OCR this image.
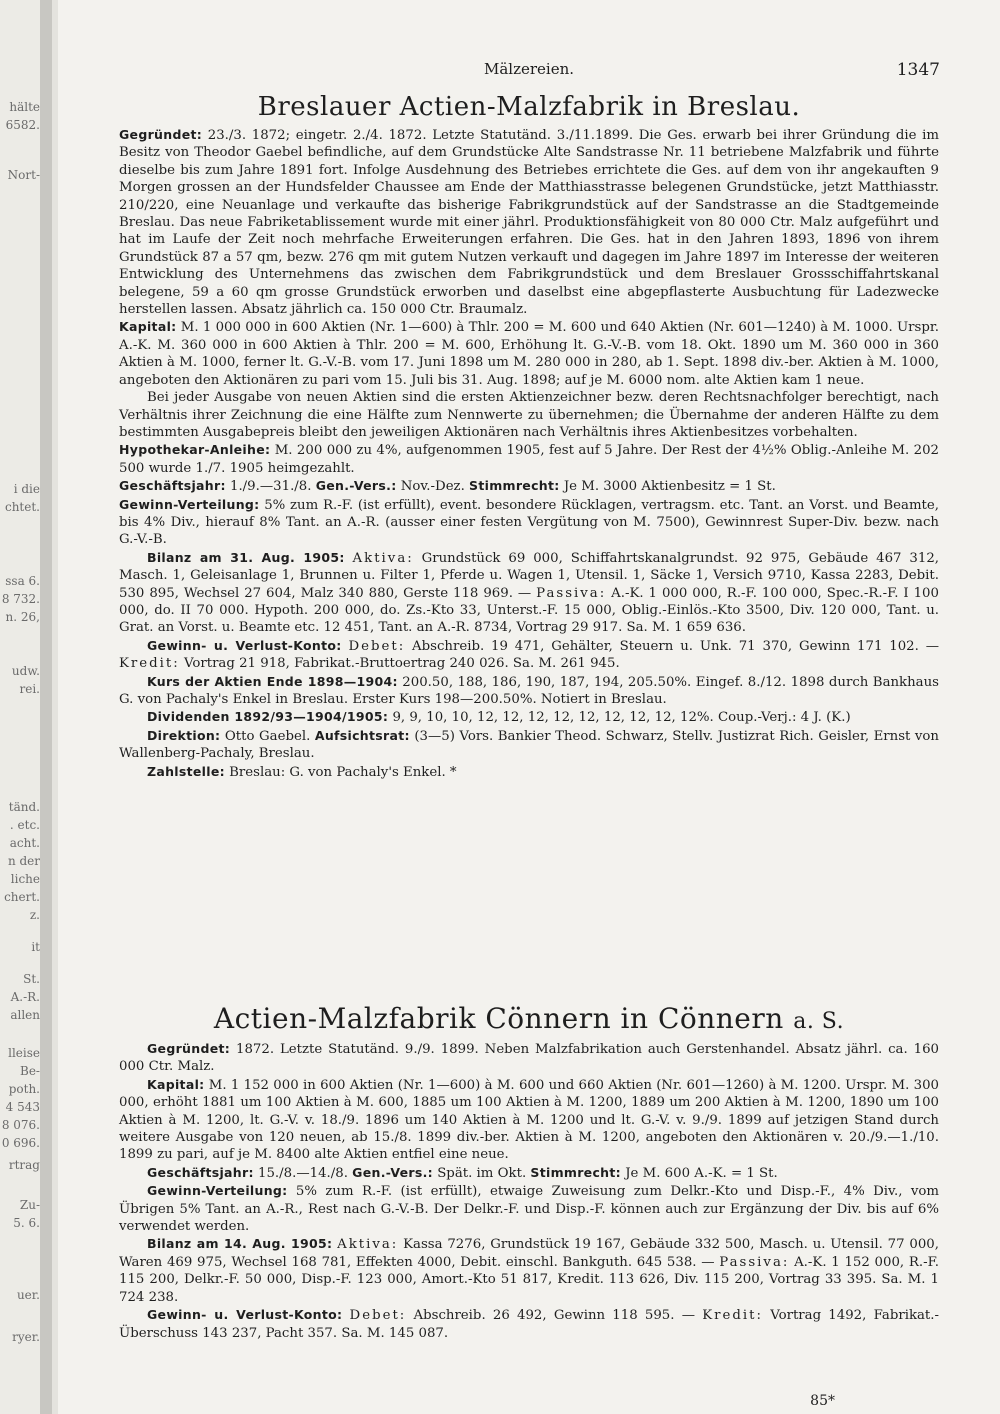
hälte
6582.
Nort-
i die
chtet.
ssa 6.
8 732.
n. 26,
udw.
rei.
tänd.
. etc.
acht.
n der
liche
chert.
z.
it
St.
A.-R.
allen
lleise
Be-
poth.
4 543
8 076.
0 696.
rtrag
Zu-
5. 6.
uer.
ryer.
Mälzereien.	1347
Breslauer Actien-Malzfabrik in Breslau.

Gegründet: 23./3. 1872; eingetr. 2./4. 1872. Letzte Statutänd. 3./11.1899. Die Ges. erwarb bei ihrer Gründung die im Besitz von Theodor Gaebel befindliche, auf dem Grundstücke Alte Sandstrasse Nr. 11 betriebene Malzfabrik und führte dieselbe bis zum Jahre 1891 fort. Infolge Ausdehnung des Betriebes errichtete die Ges. auf dem von ihr angekauften 9 Morgen grossen an der Hundsfelder Chaussee am Ende der Matthiasstrasse belegenen Grundstücke, jetzt Matthiasstr. 210/220, eine Neuanlage und verkaufte das bisherige Fabrikgrundstück auf der Sandstrasse an die Stadtgemeinde Breslau. Das neue Fabriketablissement wurde mit einer jährl. Produktionsfähigkeit von 80 000 Ctr. Malz aufgeführt und hat im Laufe der Zeit noch mehrfache Erweiterungen erfahren. Die Ges. hat in den Jahren 1893, 1896 von ihrem Grundstück 87 a 57 qm, bezw. 276 qm mit gutem Nutzen verkauft und dagegen im Jahre 1897 im Interesse der weiteren Entwicklung des Unternehmens das zwischen dem Fabrikgrundstück und dem Breslauer Grossschiffahrtskanal belegene, 59 a 60 qm grosse Grundstück erworben und daselbst eine abgepflasterte Ausbuchtung für Ladezwecke herstellen lassen. Absatz jährlich ca. 150 000 Ctr. Braumalz.

Kapital: M. 1 000 000 in 600 Aktien (Nr. 1—600) à Thlr. 200 = M. 600 und 640 Aktien (Nr. 601—1240) à M. 1000. Urspr. A.-K. M. 360 000 in 600 Aktien à Thlr. 200 = M. 600, Erhöhung lt. G.-V.-B. vom 18. Okt. 1890 um M. 360 000 in 360 Aktien à M. 1000, ferner lt. G.-V.-B. vom 17. Juni 1898 um M. 280 000 in 280, ab 1. Sept. 1898 div.-ber. Aktien à M. 1000, angeboten den Aktionären zu pari vom 15. Juli bis 31. Aug. 1898; auf je M. 6000 nom. alte Aktien kam 1 neue.

Bei jeder Ausgabe von neuen Aktien sind die ersten Aktienzeichner bezw. deren Rechtsnachfolger berechtigt, nach Verhältnis ihrer Zeichnung die eine Hälfte zum Nennwerte zu übernehmen; die Übernahme der anderen Hälfte zu dem bestimmten Ausgabepreis bleibt den jeweiligen Aktionären nach Verhältnis ihres Aktienbesitzes vorbehalten.

Hypothekar-Anleihe: M. 200 000 zu 4%, aufgenommen 1905, fest auf 5 Jahre. Der Rest der 4½% Oblig.-Anleihe M. 202 500 wurde 1./7. 1905 heimgezahlt.

Geschäftsjahr: 1./9.—31./8. Gen.-Vers.: Nov.-Dez. Stimmrecht: Je M. 3000 Aktienbesitz = 1 St.

Gewinn-Verteilung: 5% zum R.-F. (ist erfüllt), event. besondere Rücklagen, vertragsm. etc. Tant. an Vorst. und Beamte, bis 4% Div., hierauf 8% Tant. an A.-R. (ausser einer festen Vergütung von M. 7500), Gewinnrest Super-Div. bezw. nach G.-V.-B.

Bilanz am 31. Aug. 1905: Aktiva: Grundstück 69 000, Schiffahrtskanalgrundst. 92 975, Gebäude 467 312, Masch. 1, Geleisanlage 1, Brunnen u. Filter 1, Pferde u. Wagen 1, Utensil. 1, Säcke 1, Versich 9710, Kassa 2283, Debit. 530 895, Wechsel 27 604, Malz 340 880, Gerste 118 969. — Passiva: A.-K. 1 000 000, R.-F. 100 000, Spec.-R.-F. I 100 000, do. II 70 000. Hypoth. 200 000, do. Zs.-Kto 33, Unterst.-F. 15 000, Oblig.-Einlös.-Kto 3500, Div. 120 000, Tant. u. Grat. an Vorst. u. Beamte etc. 12 451, Tant. an A.-R. 8734, Vortrag 29 917. Sa. M. 1 659 636.

Gewinn- u. Verlust-Konto: Debet: Abschreib. 19 471, Gehälter, Steuern u. Unk. 71 370, Gewinn 171 102. — Kredit: Vortrag 21 918, Fabrikat.-Bruttoertrag 240 026. Sa. M. 261 945.

Kurs der Aktien Ende 1898—1904: 200.50, 188, 186, 190, 187, 194, 205.50%. Eingef. 8./12. 1898 durch Bankhaus G. von Pachaly's Enkel in Breslau. Erster Kurs 198—200.50%. Notiert in Breslau.

Dividenden 1892/93—1904/1905: 9, 9, 10, 10, 12, 12, 12, 12, 12, 12, 12, 12, 12%. Coup.-Verj.: 4 J. (K.)

Direktion: Otto Gaebel. Aufsichtsrat: (3—5) Vors. Bankier Theod. Schwarz, Stellv. Justizrat Rich. Geisler, Ernst von Wallenberg-Pachaly, Breslau.

Zahlstelle: Breslau: G. von Pachaly's Enkel. *

Actien-Malzfabrik Cönnern in Cönnern a. S.

Gegründet: 1872. Letzte Statutänd. 9./9. 1899. Neben Malzfabrikation auch Gerstenhandel. Absatz jährl. ca. 160 000 Ctr. Malz.

Kapital: M. 1 152 000 in 600 Aktien (Nr. 1—600) à M. 600 und 660 Aktien (Nr. 601—1260) à M. 1200. Urspr. M. 300 000, erhöht 1881 um 100 Aktien à M. 600, 1885 um 100 Aktien à M. 1200, 1889 um 200 Aktien à M. 1200, 1890 um 100 Aktien à M. 1200, lt. G.-V. v. 18./9. 1896 um 140 Aktien à M. 1200 und lt. G.-V. v. 9./9. 1899 auf jetzigen Stand durch weitere Ausgabe von 120 neuen, ab 15./8. 1899 div.-ber. Aktien à M. 1200, angeboten den Aktionären v. 20./9.—1./10. 1899 zu pari, auf je M. 8400 alte Aktien entfiel eine neue.

Geschäftsjahr: 15./8.—14./8. Gen.-Vers.: Spät. im Okt. Stimmrecht: Je M. 600 A.-K. = 1 St.

Gewinn-Verteilung: 5% zum R.-F. (ist erfüllt), etwaige Zuweisung zum Delkr.-Kto und Disp.-F., 4% Div., vom Übrigen 5% Tant. an A.-R., Rest nach G.-V.-B. Der Delkr.-F. und Disp.-F. können auch zur Ergänzung der Div. bis auf 6% verwendet werden.

Bilanz am 14. Aug. 1905: Aktiva: Kassa 7276, Grundstück 19 167, Gebäude 332 500, Masch. u. Utensil. 77 000, Waren 469 975, Wechsel 168 781, Effekten 4000, Debit. einschl. Bankguth. 645 538. — Passiva: A.-K. 1 152 000, R.-F. 115 200, Delkr.-F. 50 000, Disp.-F. 123 000, Amort.-Kto 51 817, Kredit. 113 626, Div. 115 200, Vortrag 33 395. Sa. M. 1 724 238.

Gewinn- u. Verlust-Konto: Debet: Abschreib. 26 492, Gewinn 118 595. — Kredit: Vortrag 1492, Fabrikat.-Überschuss 143 237, Pacht 357. Sa. M. 145 087.

85*
